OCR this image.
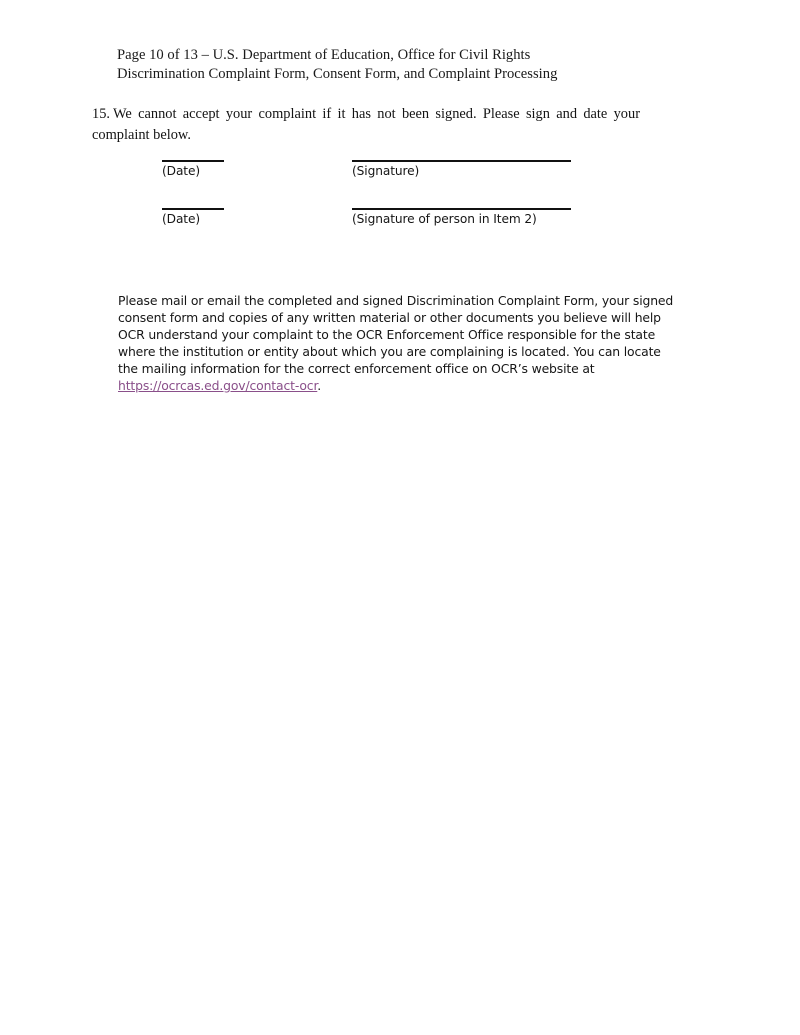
Page 10 of 13 – U.S. Department of Education, Office for Civil Rights
Discrimination Complaint Form, Consent Form, and Complaint Processing
15. We cannot accept your complaint if it has not been signed. Please sign and date your complaint below.
(Date)	(Signature)
(Date)	(Signature of person in Item 2)
Please mail or email the completed and signed Discrimination Complaint Form, your signed consent form and copies of any written material or other documents you believe will help OCR understand your complaint to the OCR Enforcement Office responsible for the state where the institution or entity about which you are complaining is located. You can locate the mailing information for the correct enforcement office on OCR’s website at https://ocrcas.ed.gov/contact-ocr.
